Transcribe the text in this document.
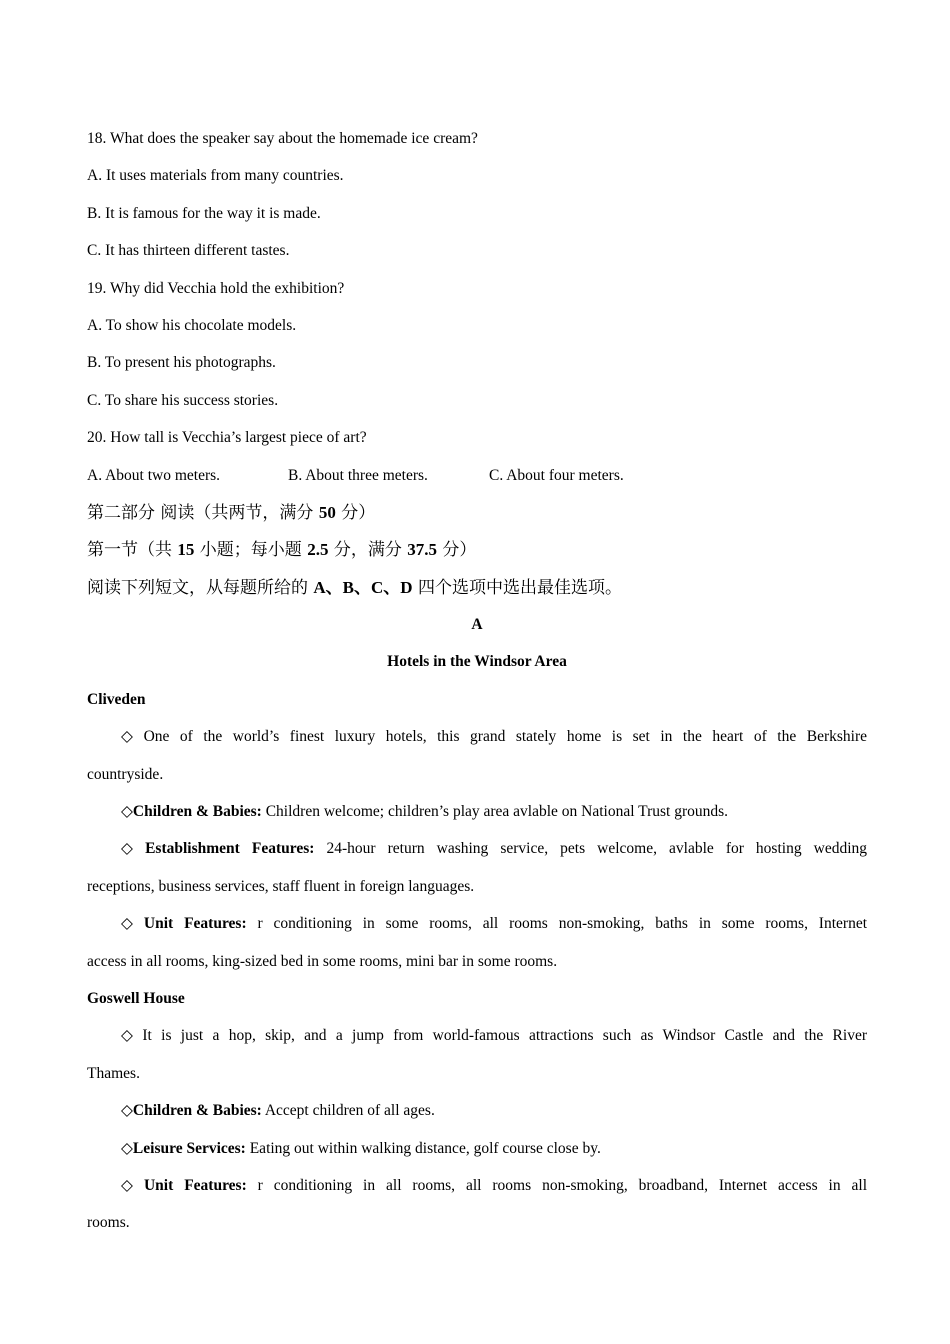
18. What does the speaker say about the homemade ice cream?
A. It uses materials from many countries.
B. It is famous for the way it is made.
C. It has thirteen different tastes.
19. Why did Vecchia hold the exhibition?
A. To show his chocolate models.
B. To present his photographs.
C. To share his success stories.
20. How tall is Vecchia’s largest piece of art?
A. About two meters.	B. About three meters.	C. About four meters.
第二部分 阅读（共两节，满分 50 分）
第一节（共 15 小题；每小题 2.5 分，满分 37.5 分）
阅读下列短文，从每题所给的 A、B、C、D 四个选项中选出最佳选项。
A
Hotels in the Windsor Area
Cliveden
◇ One of the world’s finest luxury hotels, this grand stately home is set in the heart of the Berkshire
countryside.
◇Children & Babies: Children welcome; children’s play area avlable on National Trust grounds.
◇ Establishment Features: 24-hour return washing service, pets welcome, avlable for hosting wedding
receptions, business services, staff fluent in foreign languages.
◇ Unit Features: r conditioning in some rooms, all rooms non-smoking, baths in some rooms, Internet
access in all rooms, king-sized bed in some rooms, mini bar in some rooms.
Goswell House
◇ It is just a hop, skip, and a jump from world-famous attractions such as Windsor Castle and the River
Thames.
◇Children & Babies: Accept children of all ages.
◇Leisure Services: Eating out within walking distance, golf course close by.
◇ Unit Features: r conditioning in all rooms, all rooms non-smoking, broadband, Internet access in all
rooms.
